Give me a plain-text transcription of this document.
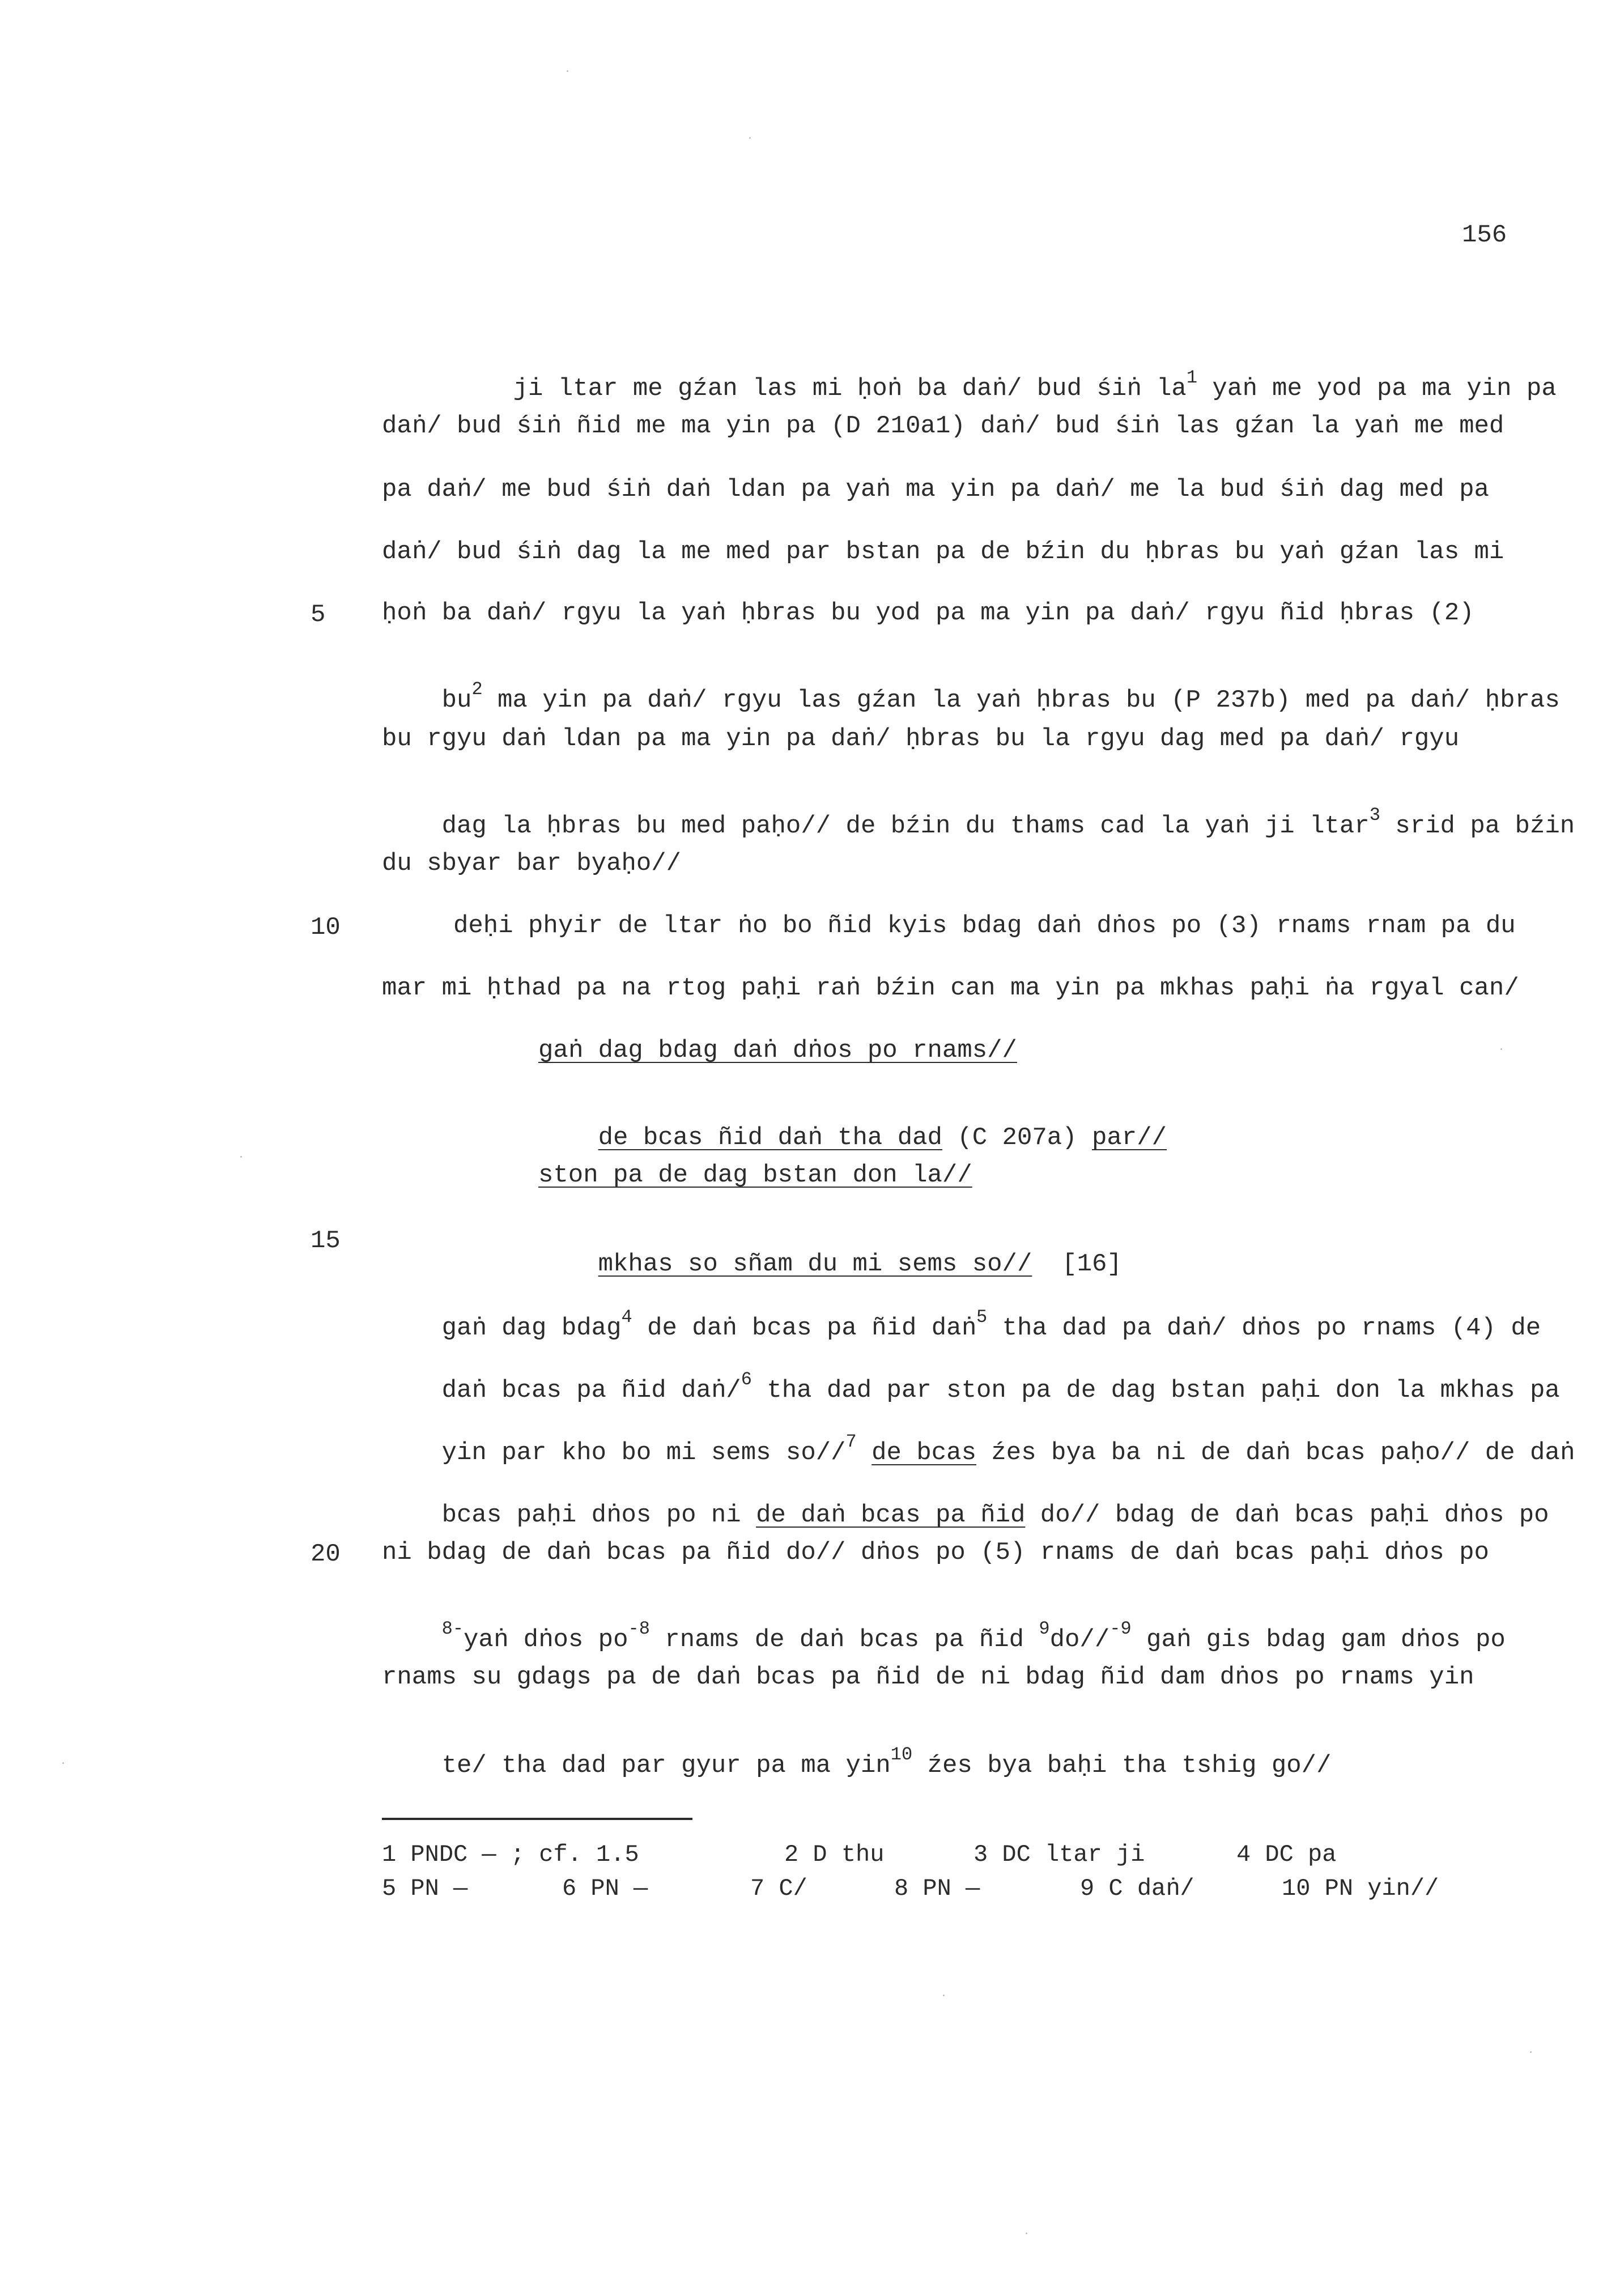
156
5
10
15
20

ji ltar me gźan las mi ḥoṅ ba daṅ/ bud śiṅ $la^1$ yaṅ me yod pa ma yin pa

daṅ/ bud śiṅ ñid me ma yin pa (D 210a1) daṅ/ bud śiṅ las gźan la yaṅ me med
pa daṅ/ me bud śiṅ daṅ ldan pa yaṅ ma yin pa daṅ/ me la bud śiṅ dag med pa
daṅ/ bud śiṅ dag la me med par bstan pa de bźin du ḥbras bu yaṅ gźan las mi
ḥoṅ ba daṅ/ rgyu la yaṅ ḥbras bu yod pa ma yin pa daṅ/ rgyu ñid ḥbras (2)

$bu^2$ ma yin pa daṅ/ rgyu las gźan la yaṅ ḥbras bu (P 237b) med pa daṅ/ ḥbras

bu rgyu daṅ ldan pa ma yin pa daṅ/ ḥbras bu la rgyu dag med pa daṅ/ rgyu

dag la ḥbras bu med paḥo// de bźin du thams cad la yaṅ ji ltar$^3$ srid pa bźin

du sbyar bar byaḥo//
deḥi phyir de ltar ṅo bo ñid kyis bdag daṅ dṅos po (3) rnams rnam pa du
mar mi ḥthad pa na rtog paḥi raṅ bźin can ma yin pa mkhas paḥi ṅa rgyal can/
gaṅ dag bdag daṅ dṅos po rnams//

de bcas ñid daṅ tha dad (C 207a) par//

ston pa de dag bstan don la//

mkhas so sñam du mi sems so//  [16]

gaṅ dag bdag$^4$ de daṅ bcas pa ñid daṅ$^5$ tha dad pa daṅ/ dṅos po rnams (4) de

daṅ bcas pa ñid daṅ/$^6$ tha dad par ston pa de dag bstan paḥi don la mkhas pa

yin par kho bo mi sems so//$^7$ de bcas źes bya ba ni de daṅ bcas paḥo// de daṅ

bcas paḥi dṅos po ni de daṅ bcas pa ñid do// bdag de daṅ bcas paḥi dṅos po

ni bdag de daṅ bcas pa ñid do// dṅos po (5) rnams de daṅ bcas paḥi dṅos po

$^{8-}$yaṅ dṅos $po^{-8}$ rnams de daṅ bcas pa ñid $^9$do//$^{-9}$ gaṅ gis bdag gam dṅos po

rnams su gdags pa de daṅ bcas pa ñid de ni bdag ñid dam dṅos po rnams yin

te/ tha dad par gyur pa ma yin$^{10}$ źes bya baḥi tha tshig go//

1 PNDC — ; cf. 1.5	2 D thu	3 DC ltar ji	4 DC pa
5 PN —	6 PN —	7 C/	8 PN —	9 C daṅ/	10 PN yin//
